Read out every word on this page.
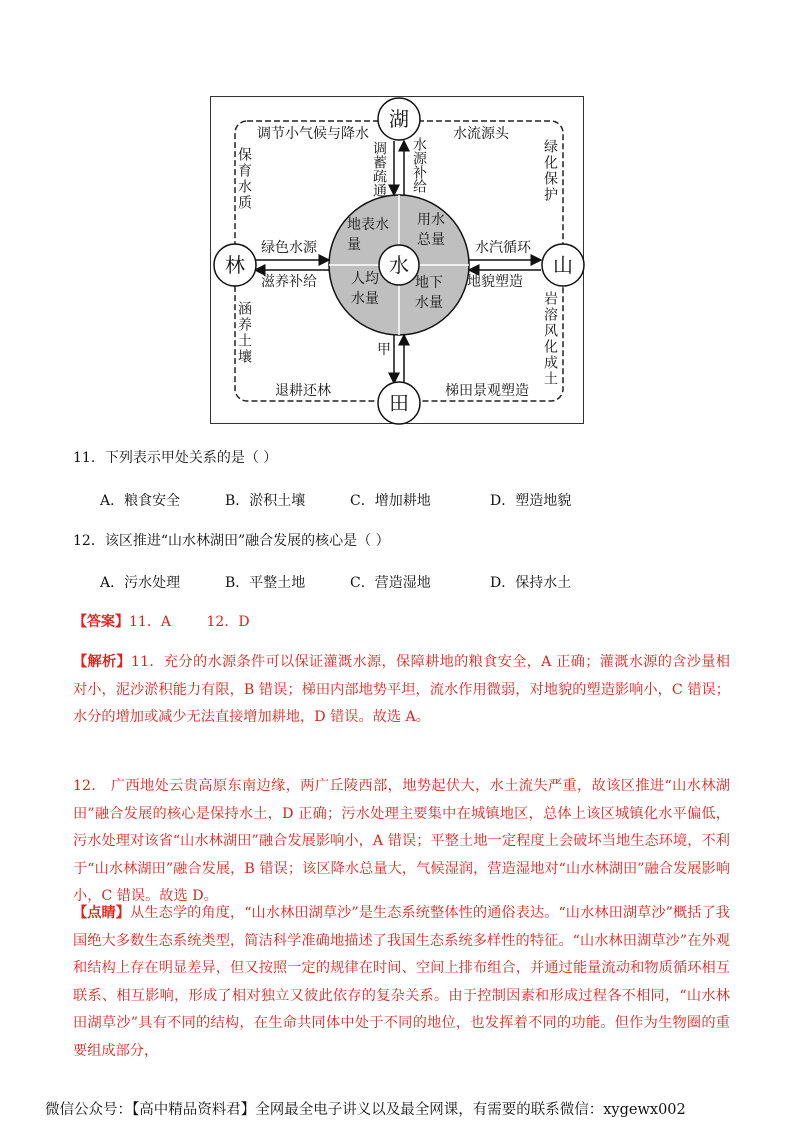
湖
林	山
田
水
地表水量
用水总量
人均水量
地下水量
调节小气候与降水	水流源头
保育水质
涵养土壤
绿化保护
岩溶风化成土
退耕还林	梯田景观塑造
调蓄疏通 水源补给
绿色水源
滋养补给
水汽循环
地貌塑造
甲
11．下列表示甲处关系的是（ ）
A．粮食安全	B．淤积土壤	C．增加耕地	D．塑造地貌
12．该区推进“山水林湖田”融合发展的核心是（ ）
A．污水处理	B．平整土地	C．营造湿地	D．保持水土
【答案】11．A        12．D
【解析】11．充分的水源条件可以保证灌溉水源，保障耕地的粮食安全，A 正确；灌溉水源的含沙量相对小，泥沙淤积能力有限，B 错误；梯田内部地势平坦，流水作用微弱，对地貌的塑造影响小，C 错误；水分的增加或减少无法直接增加耕地，D 错误。故选 A。
12． 广西地处云贵高原东南边缘，两广丘陵西部，地势起伏大，水土流失严重，故该区推进“山水林湖田”融合发展的核心是保持水土，D 正确；污水处理主要集中在城镇地区，总体上该区城镇化水平偏低，污水处理对该省“山水林湖田”融合发展影响小，A 错误；平整土地一定程度上会破坏当地生态环境，不利于“山水林湖田”融合发展，B 错误；该区降水总量大，气候湿润，营造湿地对“山水林湖田”融合发展影响小，C 错误。故选 D。
【点睛】从生态学的角度，“山水林田湖草沙”是生态系统整体性的通俗表达。“山水林田湖草沙”概括了我国绝大多数生态系统类型，简洁科学准确地描述了我国生态系统多样性的特征。“山水林田湖草沙”在外观和结构上存在明显差异，但又按照一定的规律在时间、空间上排布组合，并通过能量流动和物质循环相互联系、相互影响，形成了相对独立又彼此依存的复杂关系。由于控制因素和形成过程各不相同，“山水林田湖草沙”具有不同的结构，在生命共同体中处于不同的地位，也发挥着不同的功能。但作为生物圈的重要组成部分，
微信公众号：【高中精品资料君】全网最全电子讲义以及最全网课，有需要的联系微信：xygewx002
